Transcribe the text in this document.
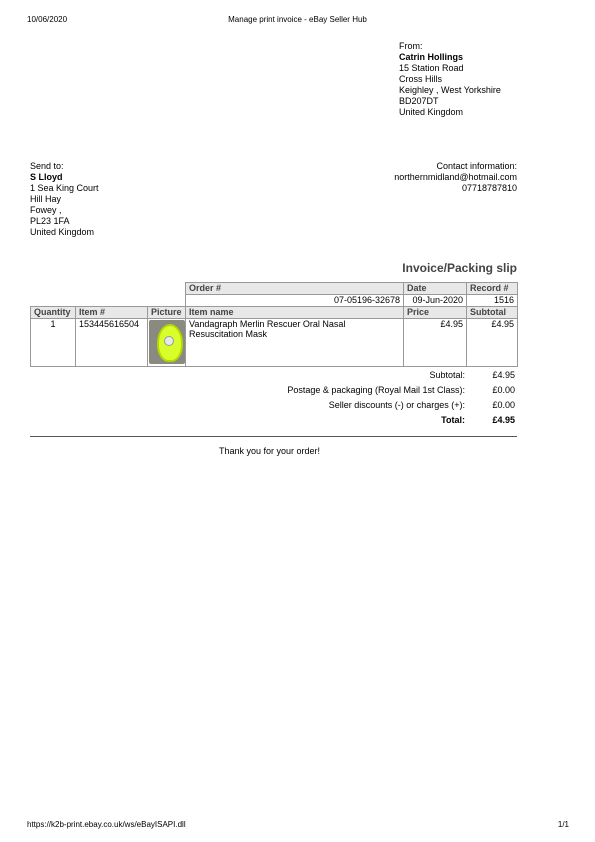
10/06/2020	Manage print invoice - eBay Seller Hub
From:
Catrin Hollings
15 Station Road
Cross Hills
Keighley , West Yorkshire
BD207DT
United Kingdom
Send to:
S Lloyd
1 Sea King Court
Hill Hay
Fowey ,
PL23 1FA
United Kingdom
Contact information:
northernmidland@hotmail.com
07718787810
Invoice/Packing slip
			Order #	Date	Record #
			07-05196-32678	09-Jun-2020	1516
Quantity	Item #	Picture	Item name	Price	Subtotal
1	153445616504		Vandagraph Merlin Rescuer Oral Nasal Resuscitation Mask	£4.95	£4.95
Subtotal:	£4.95
Postage & packaging (Royal Mail 1st Class):	£0.00
Seller discounts (-) or charges (+):	£0.00
Total:	£4.95
Thank you for your order!
https://k2b-print.ebay.co.uk/ws/eBayISAPI.dll	1/1
